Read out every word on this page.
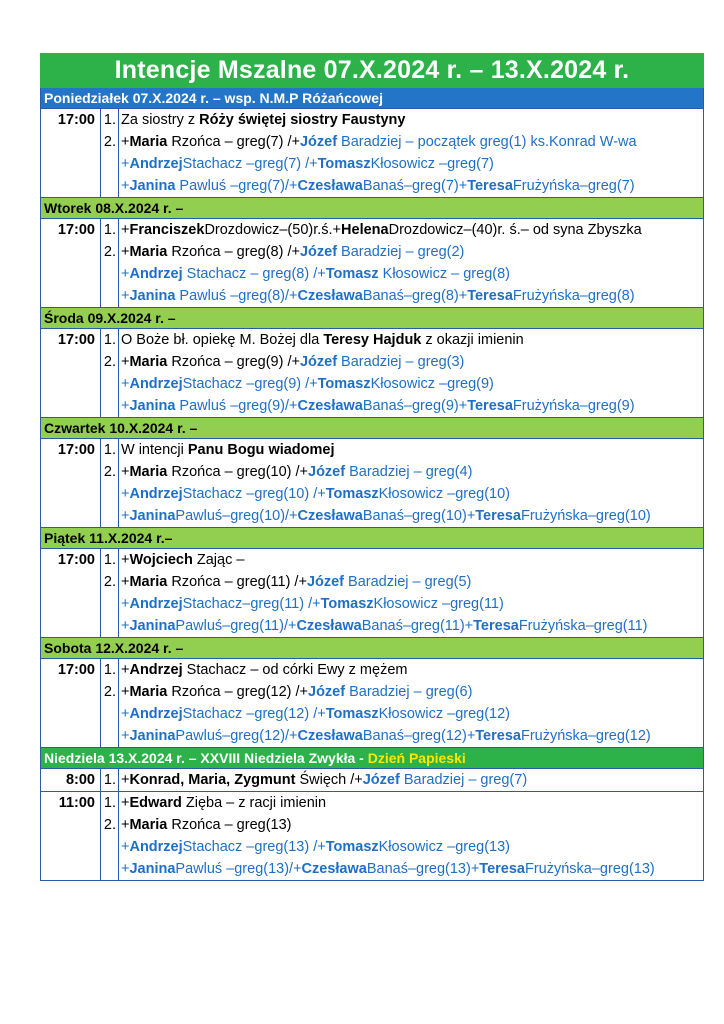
Intencje Mszalne 07.X.2024 r. – 13.X.2024 r.
Poniedziałek 07.X.2024 r. – wsp. N.M.P Różańcowej
17:00 1.
2.
Za siostry z Róży świętej siostry Faustyny
+Maria Rzońca – greg(7) /+Józef Baradziej – początek greg(1) ks.Konrad W-wa
+AndrzejStachacz –greg(7) /+TomaszKłosowicz –greg(7)
+Janina Pawluś –greg(7)/+CzesławaBanaś–greg(7)+TeresaFrużyńska–greg(7)
Wtorek 08.X.2024 r. –
17:00 1.
2.
+FranciszekDrozdowicz–(50)r.ś.+HelenaDrozdowicz–(40)r. ś.– od syna Zbyszka
+Maria Rzońca – greg(8) /+Józef Baradziej – greg(2)
+Andrzej Stachacz – greg(8) /+Tomasz Kłosowicz – greg(8)
+Janina Pawluś –greg(8)/+CzesławaBanaś–greg(8)+TeresaFrużyńska–greg(8)
Środa 09.X.2024 r. –
17:00 1.
2.
O Boże bł. opiekę M. Bożej dla Teresy Hajduk z okazji imienin
+Maria Rzońca – greg(9) /+Józef Baradziej – greg(3)
+AndrzejStachacz –greg(9) /+TomaszKłosowicz –greg(9)
+Janina Pawluś –greg(9)/+CzesławaBanaś–greg(9)+TeresaFrużyńska–greg(9)
Czwartek 10.X.2024 r. –
17:00 1.
2.
W intencji Panu Bogu wiadomej
+Maria Rzońca – greg(10) /+Józef Baradziej – greg(4)
+AndrzejStachacz –greg(10) /+TomaszKłosowicz –greg(10)
+JaninaPawluś–greg(10)/+CzesławaBanaś–greg(10)+TeresaFrużyńska–greg(10)
Piątek 11.X.2024 r.–
17:00 1.
2.
+Wojciech Zając –
+Maria Rzońca – greg(11) /+Józef Baradziej – greg(5)
+AndrzejStachacz–greg(11) /+TomaszKłosowicz –greg(11)
+JaninaPawluś–greg(11)/+CzesławaBanaś–greg(11)+TeresaFrużyńska–greg(11)
Sobota 12.X.2024 r. –
17:00 1.
2.
+Andrzej Stachacz – od córki Ewy z mężem
+Maria Rzońca – greg(12) /+Józef Baradziej – greg(6)
+AndrzejStachacz –greg(12) /+TomaszKłosowicz –greg(12)
+JaninaPawluś–greg(12)/+CzesławaBanaś–greg(12)+TeresaFrużyńska–greg(12)
Niedziela 13.X.2024 r. – XXVIII Niedziela Zwykła - Dzień Papieski
8:00 1. +Konrad, Maria, Zygmunt Święch /+Józef Baradziej – greg(7)
11:00 1.
2.
+Edward Zięba – z racji imienin
+Maria Rzońca – greg(13)
+AndrzejStachacz –greg(13) /+TomaszKłosowicz –greg(13)
+JaninaPawluś –greg(13)/+CzesławaBanaś–greg(13)+TeresaFrużyńska–greg(13)
